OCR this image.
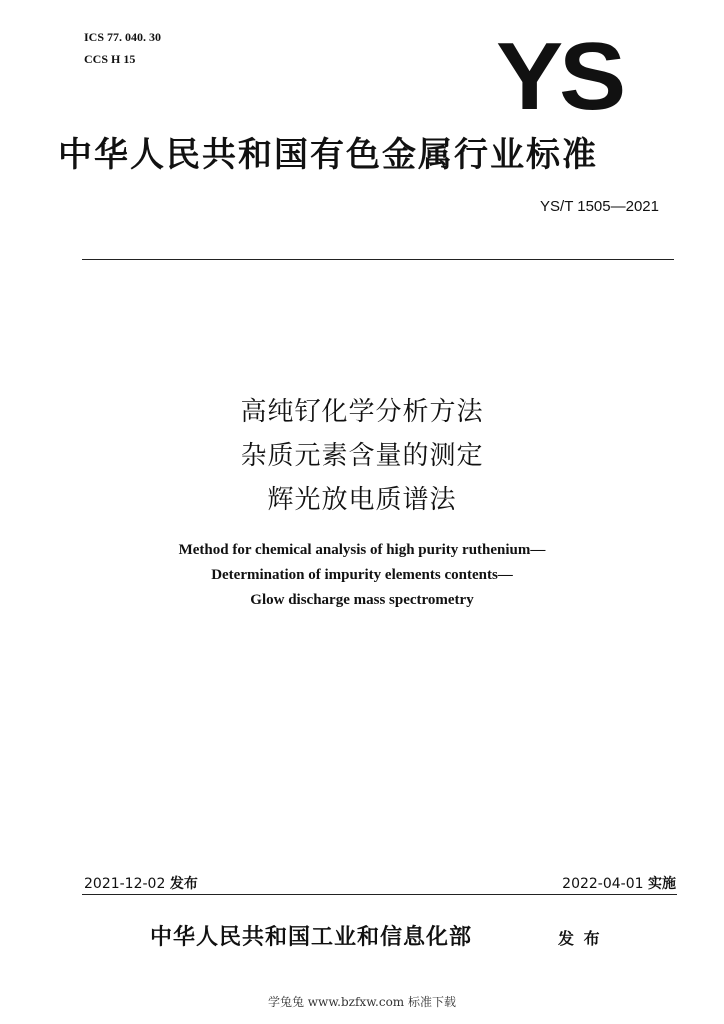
ICS 77. 040. 30
CCS H 15	YS
中华人民共和国有色金属行业标准
YS/T 1505—2021
高纯钌化学分析方法
杂质元素含量的测定
辉光放电质谱法
Method for chemical analysis of high purity ruthenium—
Determination of impurity elements contents—
Glow discharge mass spectrometry
2021-12-02 发布	2022-04-01 实施
中华人民共和国工业和信息化部	发 布
学兔兔 www.bzfxw.com 标准下载
